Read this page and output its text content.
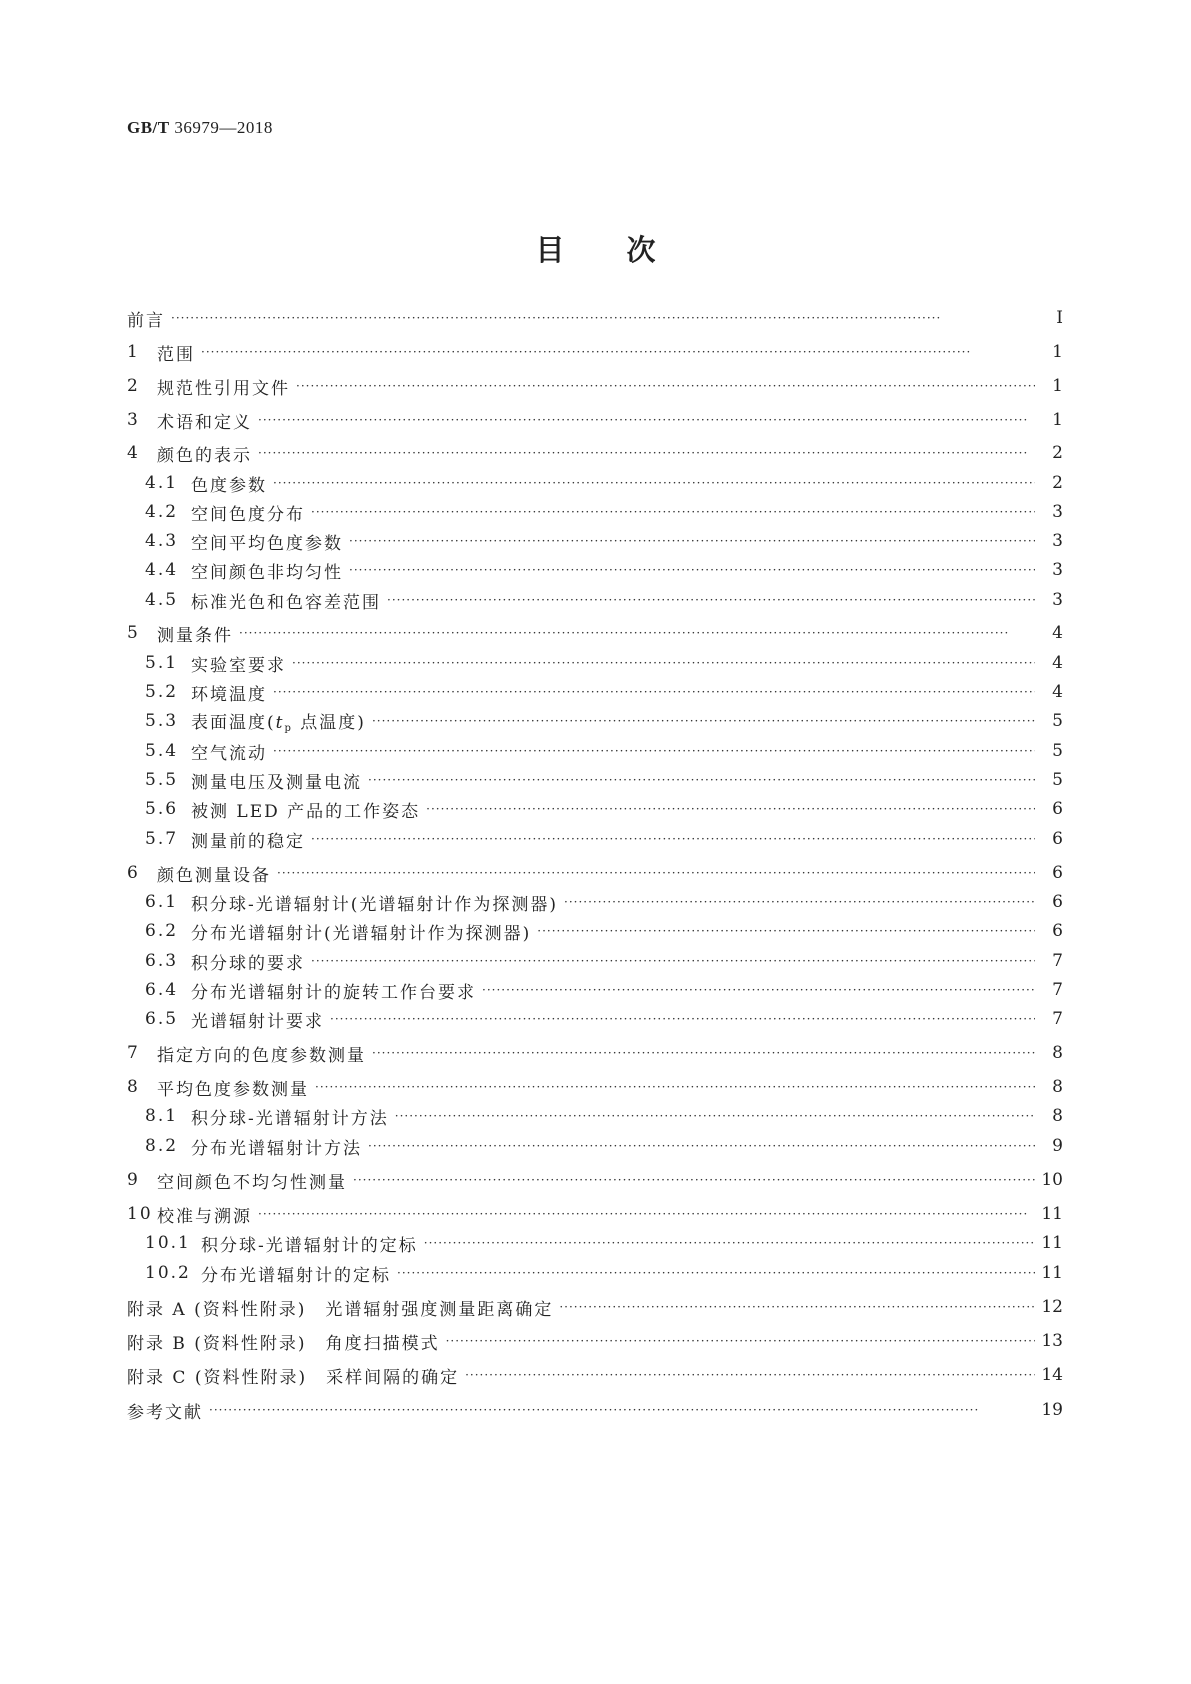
GB/T 36979—2018
目次
前言 ·····	Ⅰ
1	范围 ·····	1
2	规范性引用文件 ·····	1
3	术语和定义 ·····	1
4	颜色的表示 ·····	2
4.1 色度参数 ·····	2
4.2 空间色度分布 ·····	3
4.3 空间平均色度参数 ·····	3
4.4 空间颜色非均匀性 ·····	3
4.5 标准光色和色容差范围 ·····	3
5	测量条件 ·····	4
5.1 实验室要求 ·····	4
5.2 环境温度 ·····	4
5.3 表面温度($t_p$ 点温度) ·····	5
5.4 空气流动 ·····	5
5.5 测量电压及测量电流 ·····	5
5.6 被测 LED 产品的工作姿态 ·····	6
5.7 测量前的稳定 ·····	6
6	颜色测量设备 ·····	6
6.1 积分球-光谱辐射计(光谱辐射计作为探测器) ·····	6
6.2 分布光谱辐射计(光谱辐射计作为探测器) ·····	6
6.3 积分球的要求 ·····	7
6.4 分布光谱辐射计的旋转工作台要求 ·····	7
6.5 光谱辐射计要求 ·····	7
7	指定方向的色度参数测量 ·····	8
8	平均色度参数测量 ·····	8
8.1 积分球-光谱辐射计方法 ·····	8
8.2 分布光谱辐射计方法 ·····	9
9	空间颜色不均匀性测量 ·····	10
10 校准与溯源 ·····	11
10.1 积分球-光谱辐射计的定标 ·····	11
10.2 分布光谱辐射计的定标 ·····	11
附录 A (资料性附录)　光谱辐射强度测量距离确定 ·····	12
附录 B (资料性附录)　角度扫描模式 ·····	13
附录 C (资料性附录)　采样间隔的确定 ·····	14
参考文献 ·····	19
